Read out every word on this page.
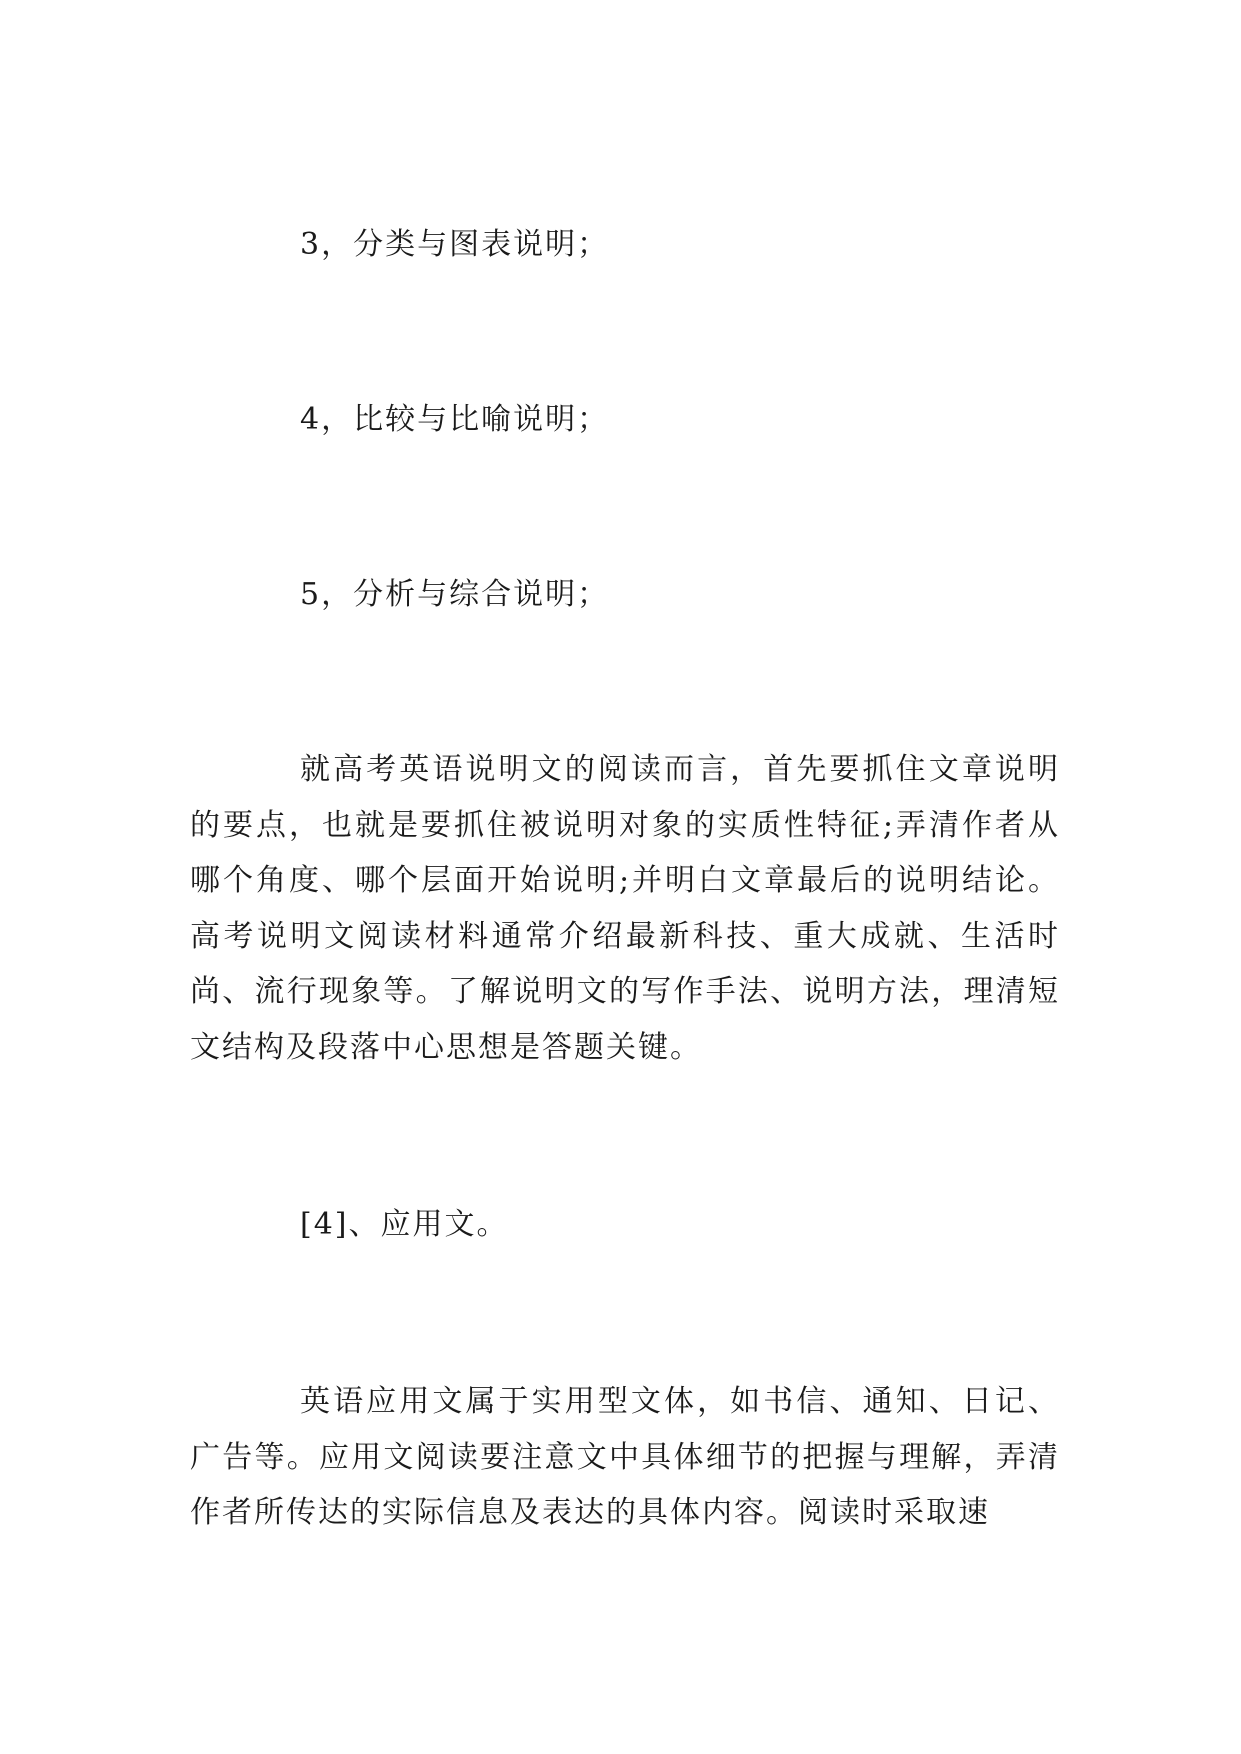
3，分类与图表说明；
4，比较与比喻说明；
5，分析与综合说明；

就高考英语说明文的阅读而言，首先要抓住文章说明的要点，也就是要抓住被说明对象的实质性特征;弄清作者从哪个角度、哪个层面开始说明;并明白文章最后的说明结论。高考说明文阅读材料通常介绍最新科技、重大成就、生活时尚、流行现象等。了解说明文的写作手法、说明方法，理清短文结构及段落中心思想是答题关键。

[4]、应用文。

英语应用文属于实用型文体，如书信、通知、日记、广告等。应用文阅读要注意文中具体细节的把握与理解，弄清作者所传达的实际信息及表达的具体内容。阅读时采取速
